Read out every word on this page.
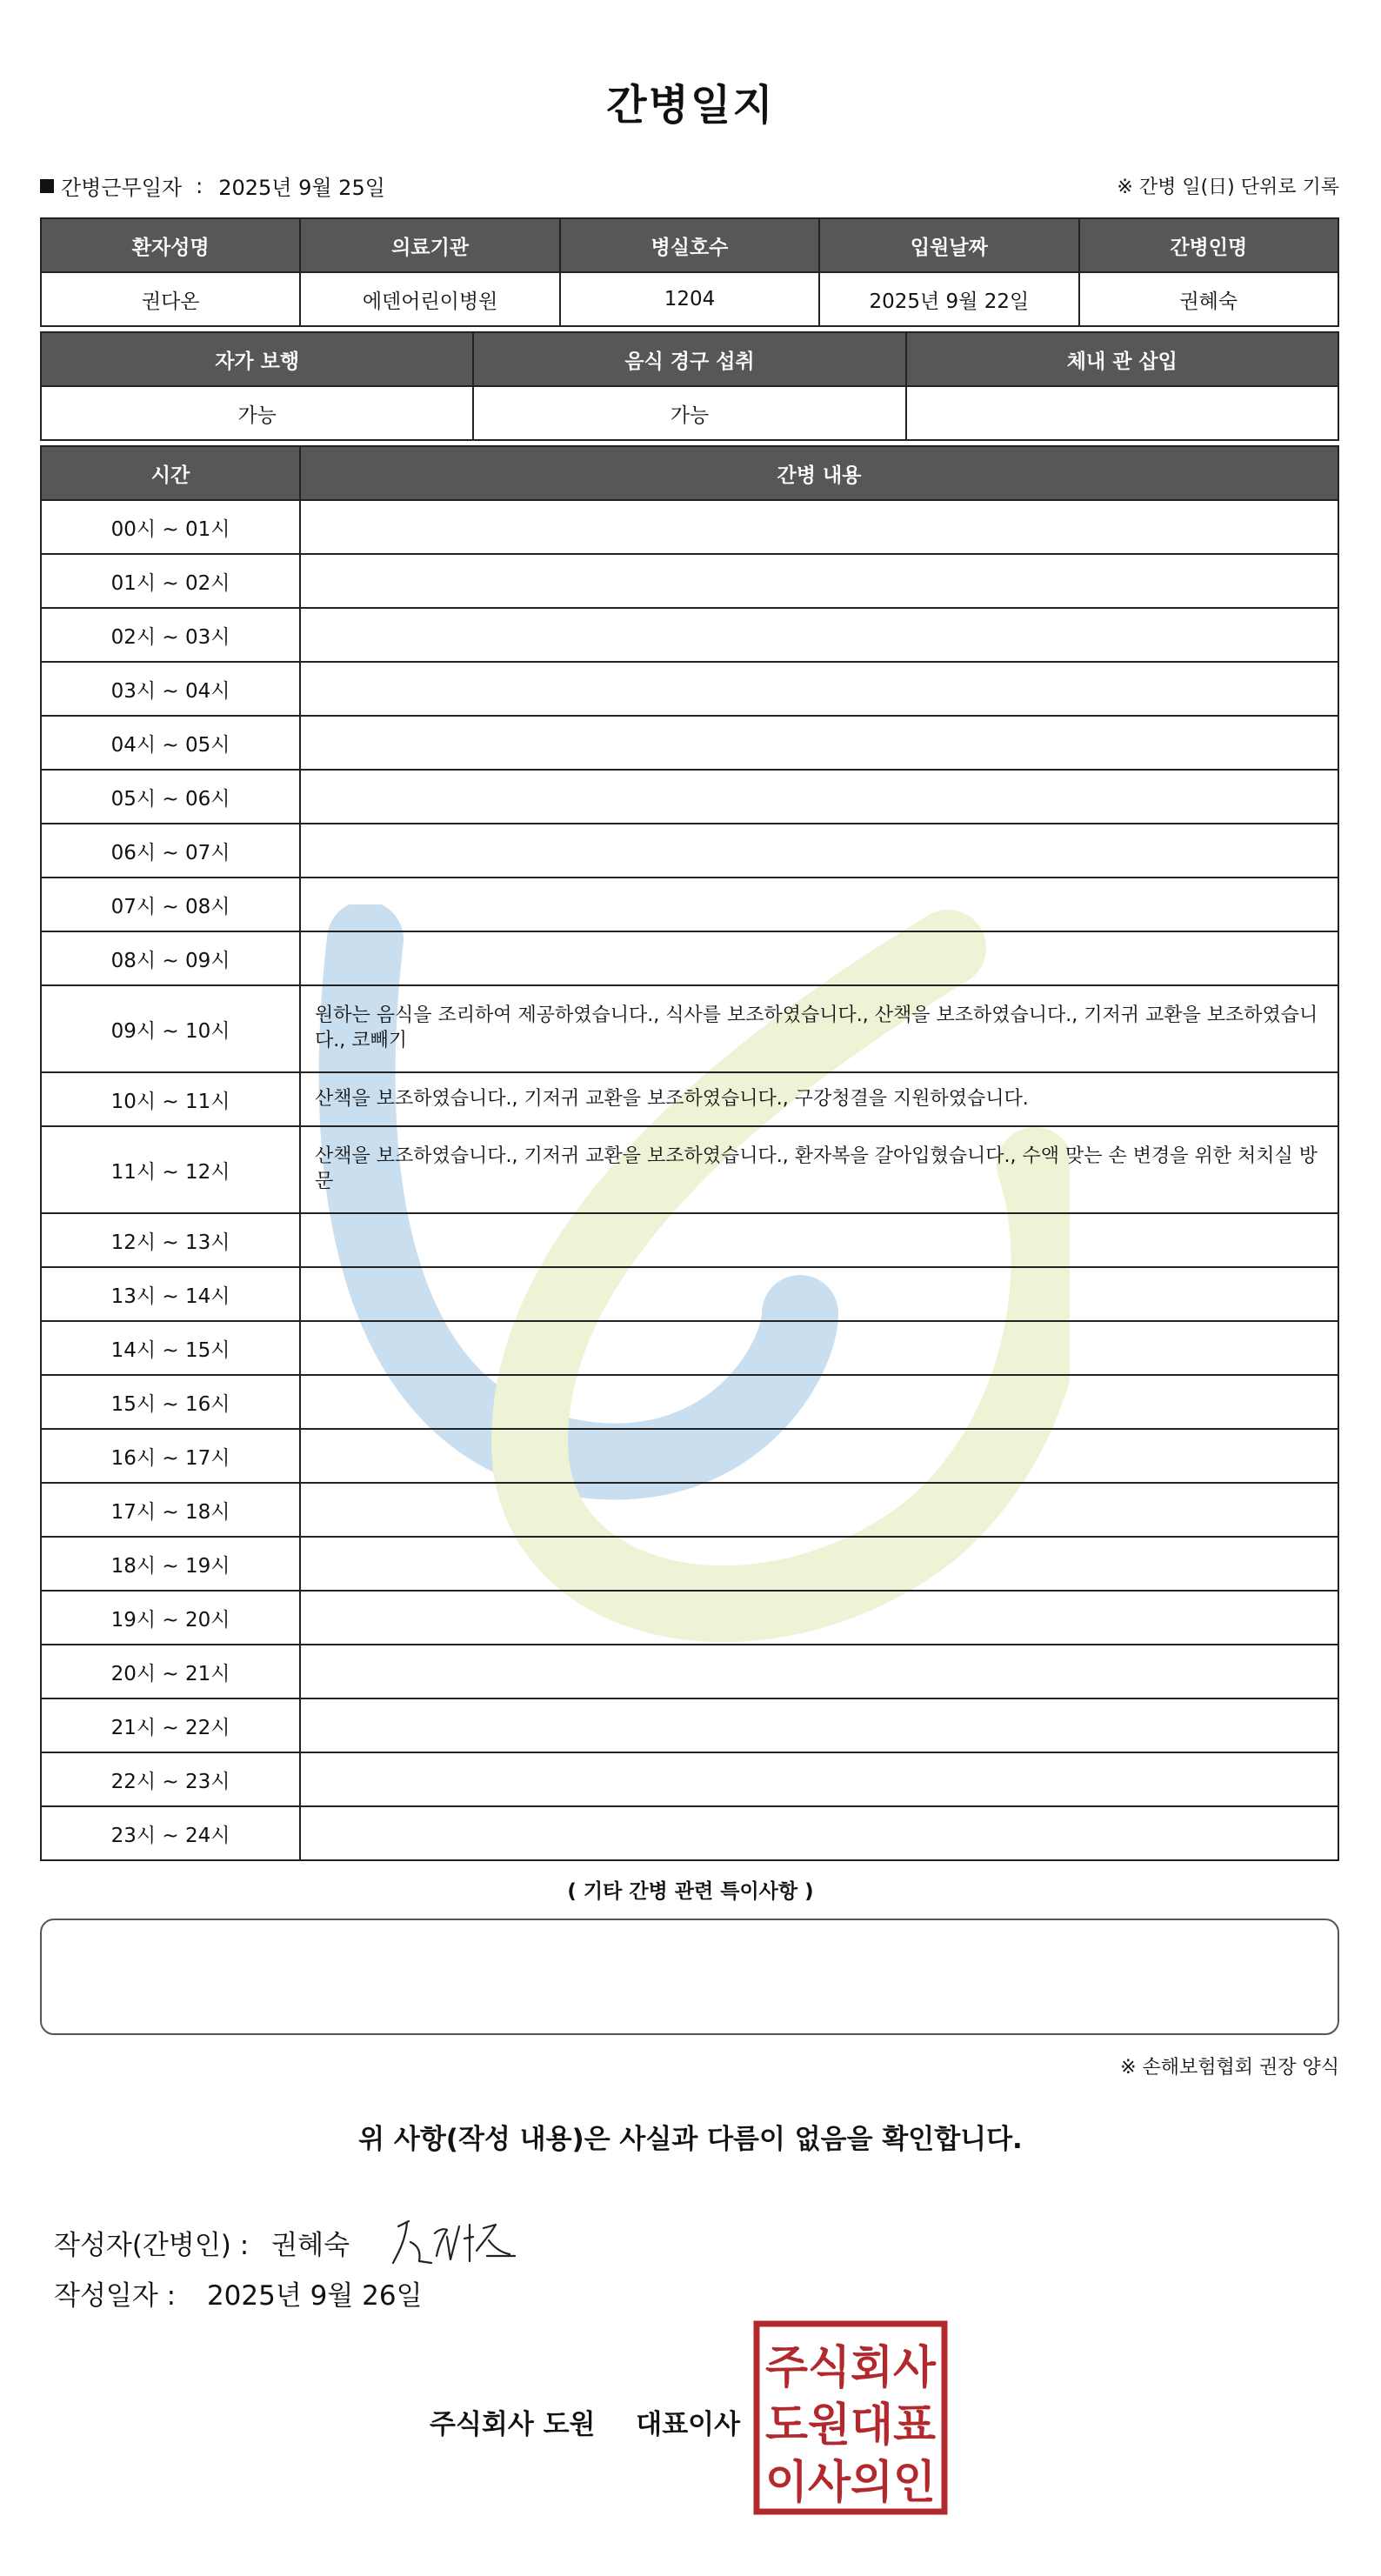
간병일지
간병근무일자 : 2025년 9월 25일	※ 간병 일(日) 단위로 기록
환자성명	의료기관	병실호수	입원날짜	간병인명
권다온	에덴어린이병원	1204	2025년 9월 22일	권혜숙
자가 보행	음식 경구 섭취	체내 관 삽입
가능	가능	
시간	간병 내용
00시 ~ 01시	
01시 ~ 02시	
02시 ~ 03시	
03시 ~ 04시	
04시 ~ 05시	
05시 ~ 06시	
06시 ~ 07시	
07시 ~ 08시	
08시 ~ 09시	
09시 ~ 10시	원하는 음식을 조리하여 제공하였습니다., 식사를 보조하였습니다., 산책을 보조하였습니다., 기저귀 교환을 보조하였습니다., 코빼기
10시 ~ 11시	산책을 보조하였습니다., 기저귀 교환을 보조하였습니다., 구강청결을 지원하였습니다.
11시 ~ 12시	산책을 보조하였습니다., 기저귀 교환을 보조하였습니다., 환자복을 갈아입혔습니다., 수액 맞는 손 변경을 위한 처치실 방문
12시 ~ 13시	
13시 ~ 14시	
14시 ~ 15시	
15시 ~ 16시	
16시 ~ 17시	
17시 ~ 18시	
18시 ~ 19시	
19시 ~ 20시	
20시 ~ 21시	
21시 ~ 22시	
22시 ~ 23시	
23시 ~ 24시	
( 기타 간병 관련 특이사항 )
※ 손해보험협회 권장 양식
위 사항(작성 내용)은 사실과 다름이 없음을 확인합니다.
작성자(간병인) : 권혜숙
작성일자 : 2025년 9월 26일
주식회사 도원 대표이사
주식회사
도원대표
이사의인
